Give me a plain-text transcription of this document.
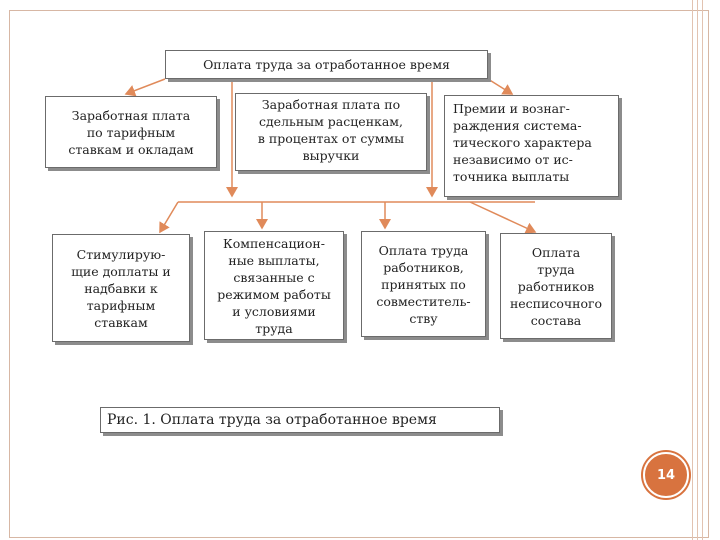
Оплата труда за отработанное время
Заработная плата
по тарифным
ставкам и окладам
Заработная плата по
сдельным расценкам,
в процентах от суммы
выручки
Премии и вознаг-
раждения система-
тического характера
независимо от ис-
точника выплаты
Стимулирую-
щие доплаты и
надбавки к
тарифным
ставкам
Компенсацион-
ные выплаты,
связанные с
режимом работы
и условиями
труда
Оплата труда
работников,
принятых по
совместитель-
ству
Оплата
труда
работников
несписочного
состава
Рис. 1. Оплата труда за отработанное время
14
